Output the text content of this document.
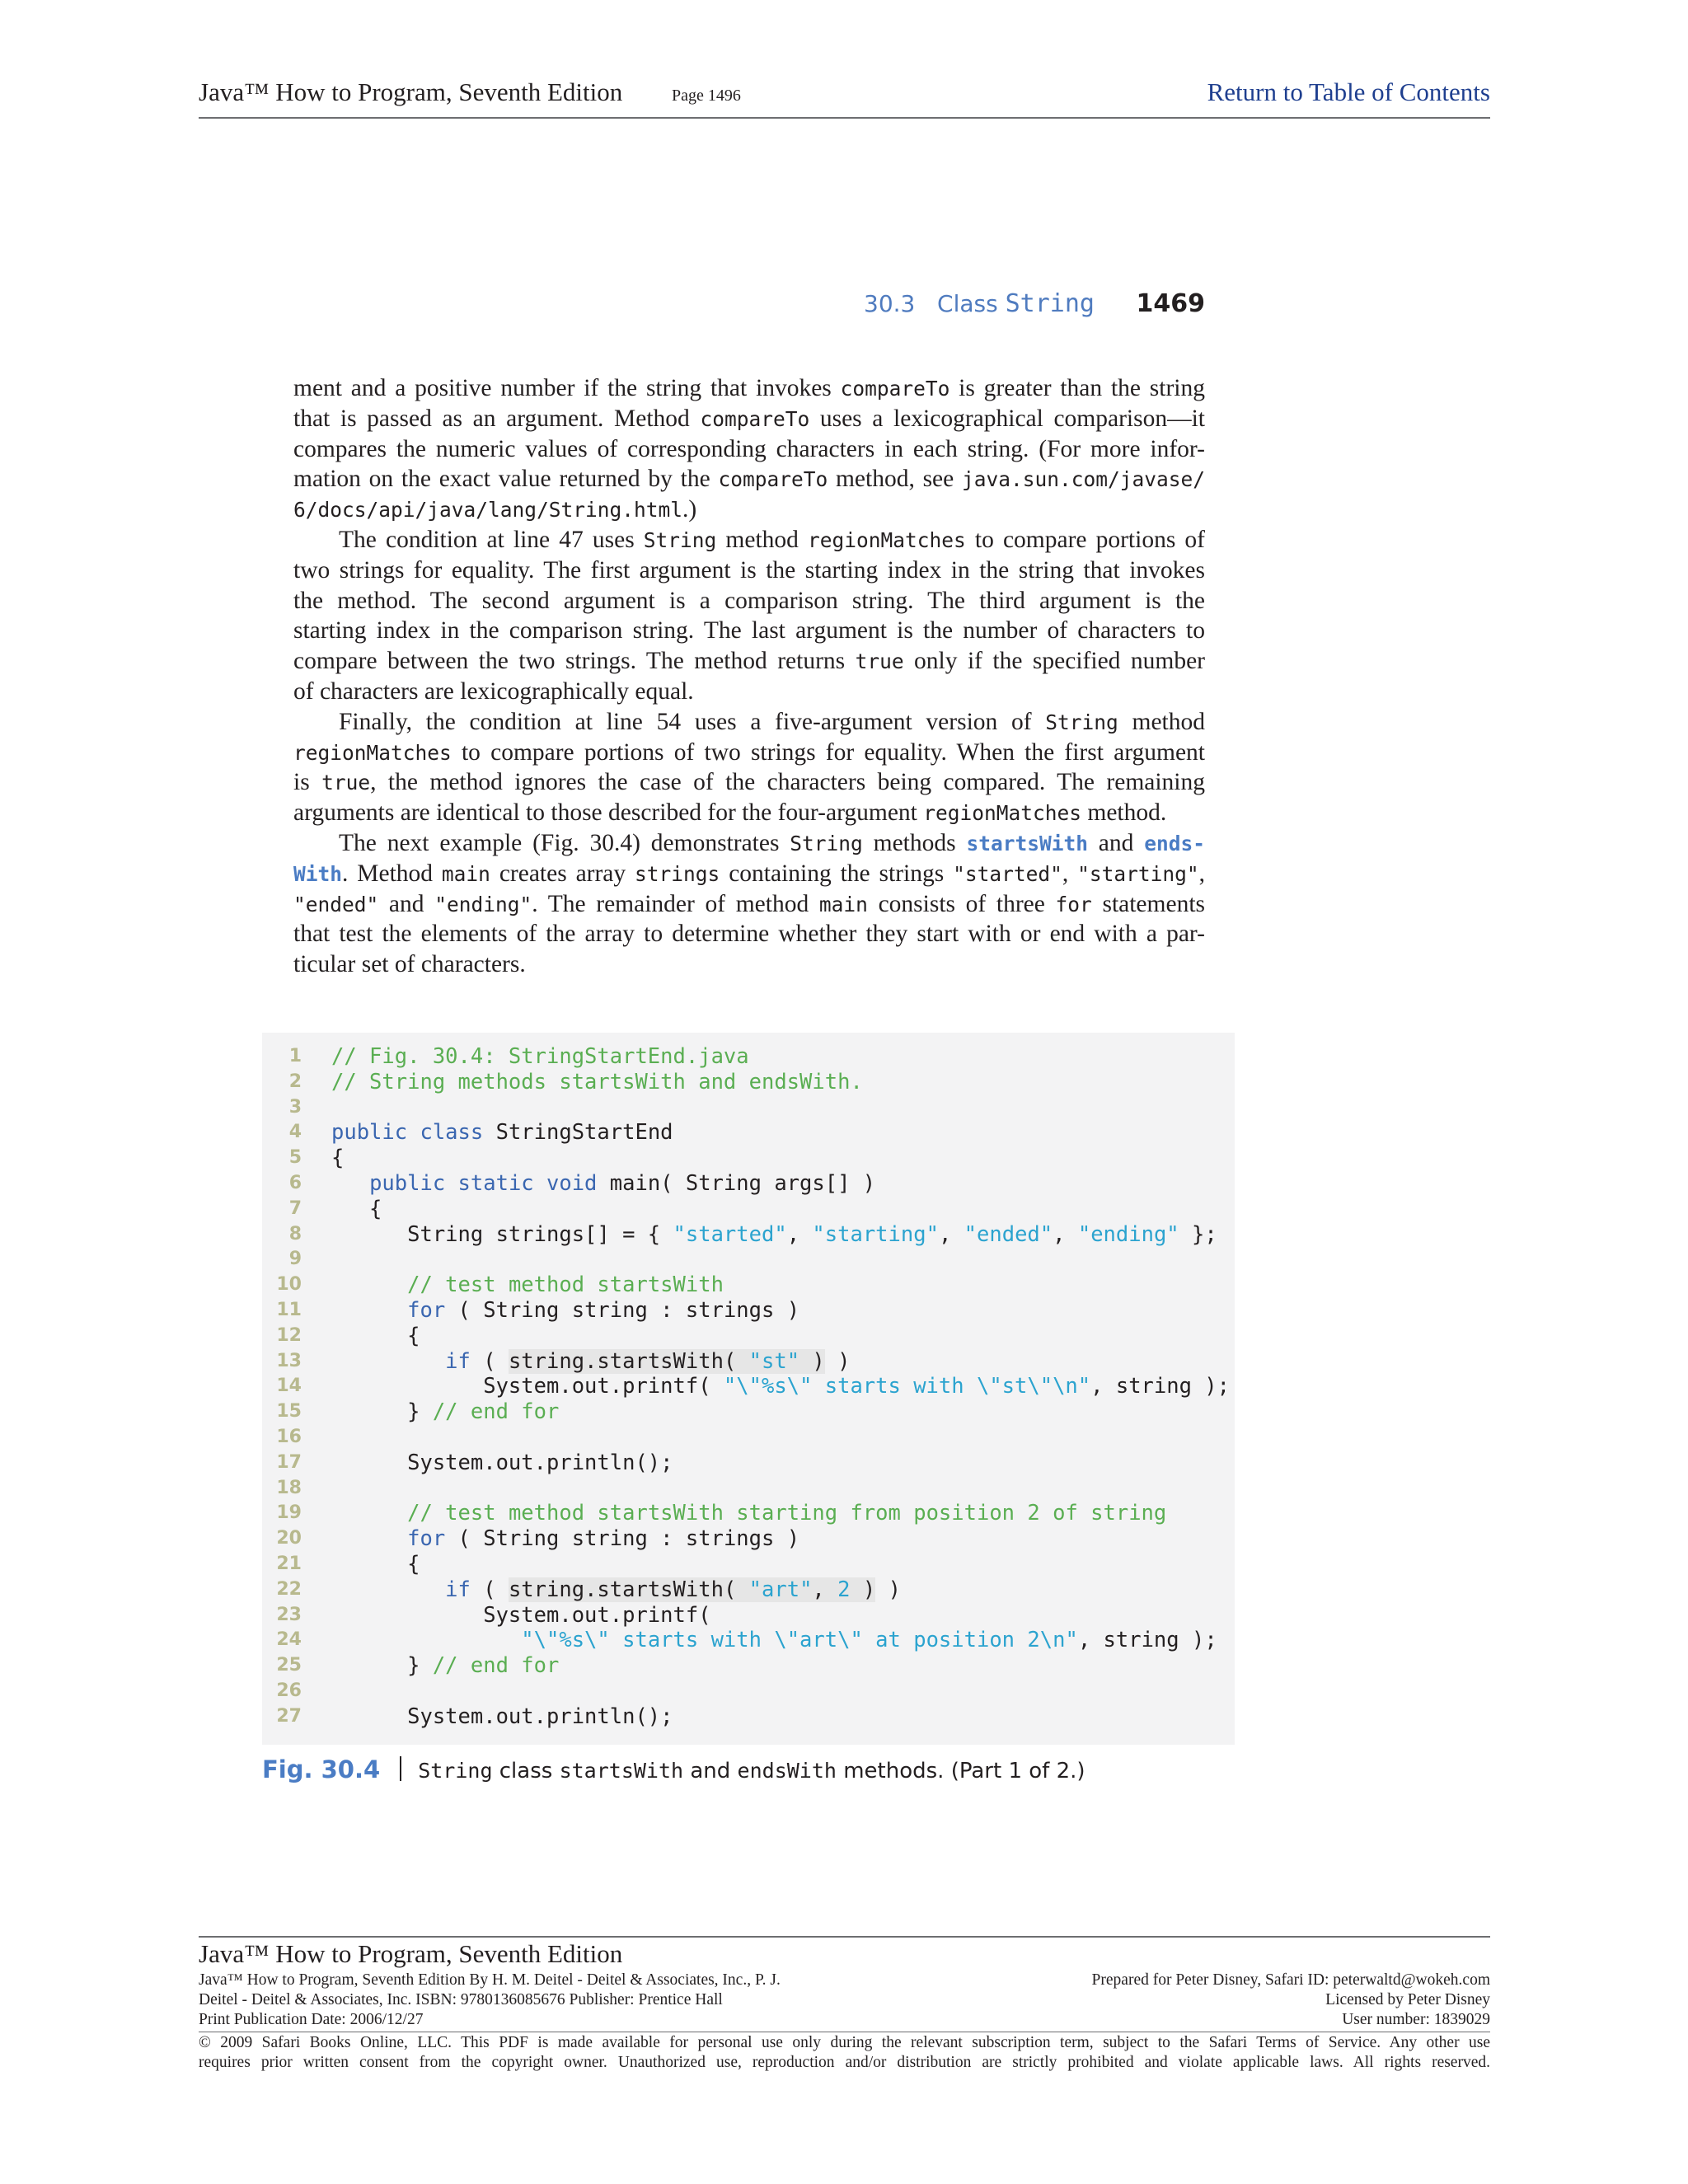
Java™ How to Program, Seventh Edition	Page 1496	Return to Table of Contents
30.3 Class String 1469
ment and a positive number if the string that invokes compareTo is greater than the string
that is passed as an argument. Method compareTo uses a lexicographical comparison—it
compares the numeric values of corresponding characters in each string. (For more infor-
mation on the exact value returned by the compareTo method, see java.sun.com/javase/
6/docs/api/java/lang/String.html.)
The condition at line 47 uses String method regionMatches to compare portions of
two strings for equality. The first argument is the starting index in the string that invokes
the method. The second argument is a comparison string. The third argument is the
starting index in the comparison string. The last argument is the number of characters to
compare between the two strings. The method returns true only if the specified number
of characters are lexicographically equal.
Finally, the condition at line 54 uses a five-argument version of String method
regionMatches to compare portions of two strings for equality. When the first argument
is true, the method ignores the case of the characters being compared. The remaining
arguments are identical to those described for the four-argument regionMatches method.
The next example (Fig. 30.4) demonstrates String methods startsWith and ends-
With. Method main creates array strings containing the strings "started", "starting",
"ended" and "ending". The remainder of method main consists of three for statements
that test the elements of the array to determine whether they start with or end with a par-
ticular set of characters.
1 // Fig. 30.4: StringStartEnd.java
2 // String methods startsWith and endsWith.
3
4 public class StringStartEnd
5 {
6	public static void main( String args[] )
7 {
8 String strings[] = { "started", "starting", "ended", "ending" };
9
10	// test method startsWith
11	for ( String string : strings )
12 {
13	if ( string.startsWith( "st" ) )
14 System.out.printf( "\"%s\" starts with \"st\"\n", string );
15 } // end for
16
17 System.out.println();
18
19	// test method startsWith starting from position 2 of string
20	for ( String string : strings )
21 {
22	if ( string.startsWith( "art", 2 ) )
23 System.out.printf(
24	"\"%s\" starts with \"art\" at position 2\n", string );
25 } // end for
26
27 System.out.println();
Fig. 30.4 String class startsWith and endsWith methods. (Part 1 of 2.)
Java™ How to Program, Seventh Edition
Java™ How to Program, Seventh Edition By H. M. Deitel - Deitel & Associates, Inc., P. J.	Prepared for Peter Disney, Safari ID: peterwaltd@wokeh.com
Deitel - Deitel & Associates, Inc. ISBN: 9780136085676 Publisher: Prentice Hall	Licensed by Peter Disney
Print Publication Date: 2006/12/27	User number: 1839029
© 2009 Safari Books Online, LLC. This PDF is made available for personal use only during the relevant subscription term, subject to the Safari Terms of Service. Any other use
requires prior written consent from the copyright owner. Unauthorized use, reproduction and/or distribution are strictly prohibited and violate applicable laws. All rights reserved.
